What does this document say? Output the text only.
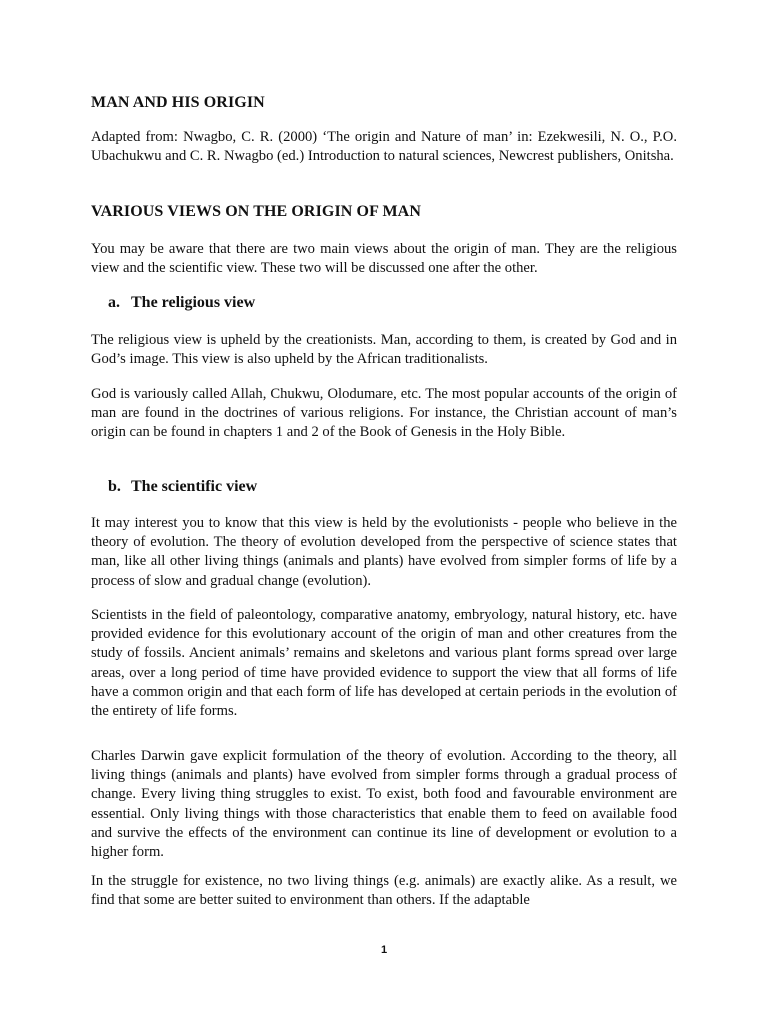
MAN AND HIS ORIGIN

Adapted from: Nwagbo, C. R. (2000) ‘The origin and Nature of man’ in: Ezekwesili, N. O., P.O. Ubachukwu and C. R. Nwagbo (ed.) Introduction to natural sciences, Newcrest publishers, Onitsha.

VARIOUS VIEWS ON THE ORIGIN OF MAN

You may be aware that there are two main views about the origin of man. They are the religious view and the scientific view. These two will be discussed one after the other.

a. The religious view

The religious view is upheld by the creationists. Man, according to them, is created by God and in God’s image. This view is also upheld by the African traditionalists.

God is variously called Allah, Chukwu, Olodumare, etc. The most popular accounts of the origin of man are found in the doctrines of various religions. For instance, the Christian account of man’s origin can be found in chapters 1 and 2 of the Book of Genesis in the Holy Bible.

b. The scientific view

It may interest you to know that this view is held by the evolutionists - people who believe in the theory of evolution. The theory of evolution developed from the perspective of science states that man, like all other living things (animals and plants) have evolved from simpler forms of life by a process of slow and gradual change (evolution).

Scientists in the field of paleontology, comparative anatomy, embryology, natural history, etc. have provided evidence for this evolutionary account of the origin of man and other creatures from the study of fossils. Ancient animals’ remains and skeletons and various plant forms spread over large areas, over a long period of time have provided evidence to support the view that all forms of life have a common origin and that each form of life has developed at certain periods in the evolution of the entirety of life forms.

Charles Darwin gave explicit formulation of the theory of evolution. According to the theory, all living things (animals and plants) have evolved from simpler forms through a gradual process of change. Every living thing struggles to exist. To exist, both food and favourable environment are essential. Only living things with those characteristics that enable them to feed on available food and survive the effects of the environment can continue its line of development or evolution to a higher form.

In the struggle for existence, no two living things (e.g. animals) are exactly alike. As a result, we find that some are better suited to environment than others. If the adaptable

1
